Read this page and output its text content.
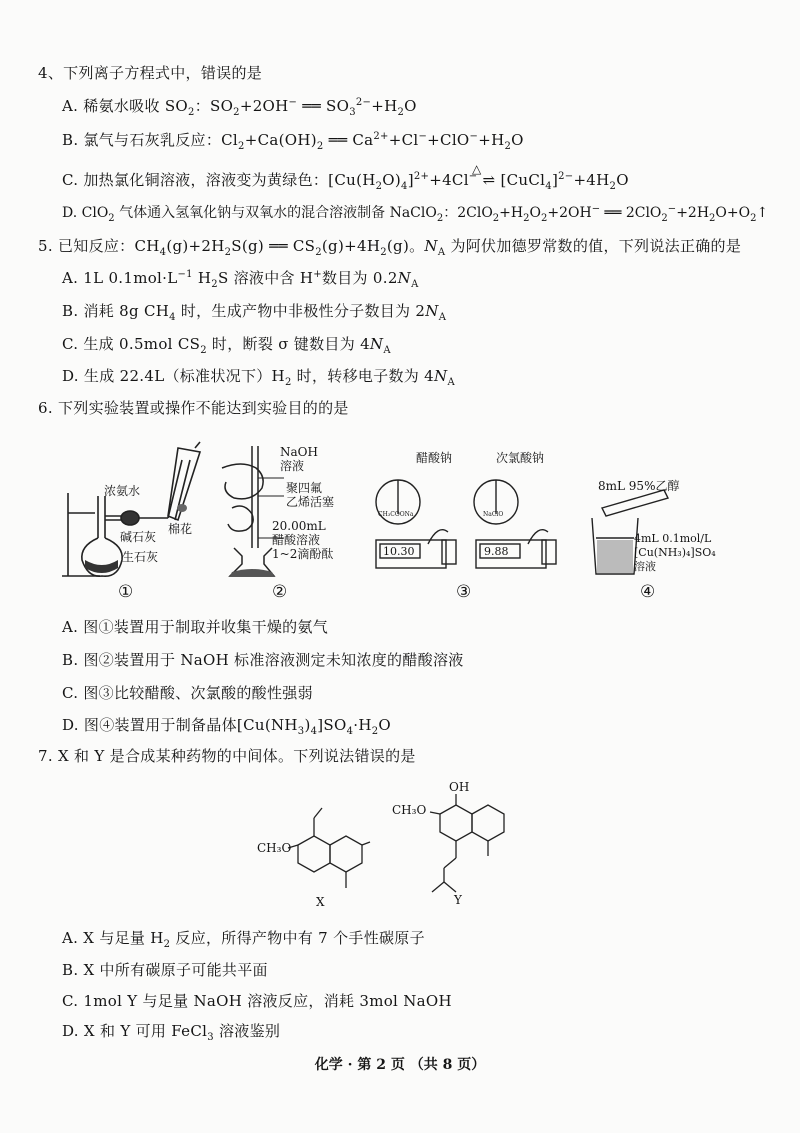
4、下列离子方程式中，错误的是
A. 稀氨水吸收 $SO_2$：$SO_2+2OH^-$ ══ $SO_3^{2-}+H_2O$
B. 氯气与石灰乳反应：$Cl_2+Ca(OH)_2$ ══ $Ca^{2+}+Cl^-+ClO^-+H_2O$
△
C. 加热氯化铜溶液，溶液变为黄绿色：$[Cu(H_2O)_4]^{2+}+4Cl^-$ ⇌ $[CuCl_4]^{2-}+4H_2O$
D. ClO$_2$ 气体通入氢氧化钠与双氧水的混合溶液制备 NaClO$_2$：$2ClO_2+H_2O_2+2OH^-$ ══ $2ClO_2^-+2H_2O+O_2↑$
5. 已知反应：$CH_4(g)+2H_2S(g)$ ══ $CS_2(g)+4H_2(g)$。$N_A$ 为阿伏加德罗常数的值，下列说法正确的是
A. 1L $0.1mol\cdot L^{-1}$ $H_2S$ 溶液中含 H+数目为 $0.2N_A$
B. 消耗 8g $CH_4$ 时，生成产物中非极性分子数目为 $2N_A$
C. 生成 0.5mol $CS_2$ 时，断裂 σ 键数目为 $4N_A$
D. 生成 22.4L（标准状况下）$H_2$ 时，转移电子数为 $4N_A$
6. 下列实验装置或操作不能达到实验目的的是
浓氨水
碱石灰
生石灰
棉花
①
NaOH
溶液
聚四氟
乙烯活塞
20.00mL
醋酸溶液
1~2滴酚酞
②
醋酸钠	次氯酸钠
CH₃COONa	NaClO
10.30	9.88
③
8mL 95%乙醇
4mL 0.1mol/L
[Cu(NH₃)₄]SO₄
溶液
④
A. 图①装置用于制取并收集干燥的氨气
B. 图②装置用于 NaOH 标准溶液测定未知浓度的醋酸溶液
C. 图③比较醋酸、次氯酸的酸性强弱
D. 图④装置用于制备晶体$[Cu(NH_3)_4]SO_4\cdot H_2O$
7. X 和 Y 是合成某种药物的中间体。下列说法错误的是
CH₃O
X
OH
CH₃O
Y
A. X 与足量 $H_2$ 反应，所得产物中有 7 个手性碳原子
B. X 中所有碳原子可能共平面
C. 1mol Y 与足量 NaOH 溶液反应，消耗 3mol NaOH
D. X 和 Y 可用 FeCl$_3$ 溶液鉴别
化学 · 第 2 页 （共 8 页）
